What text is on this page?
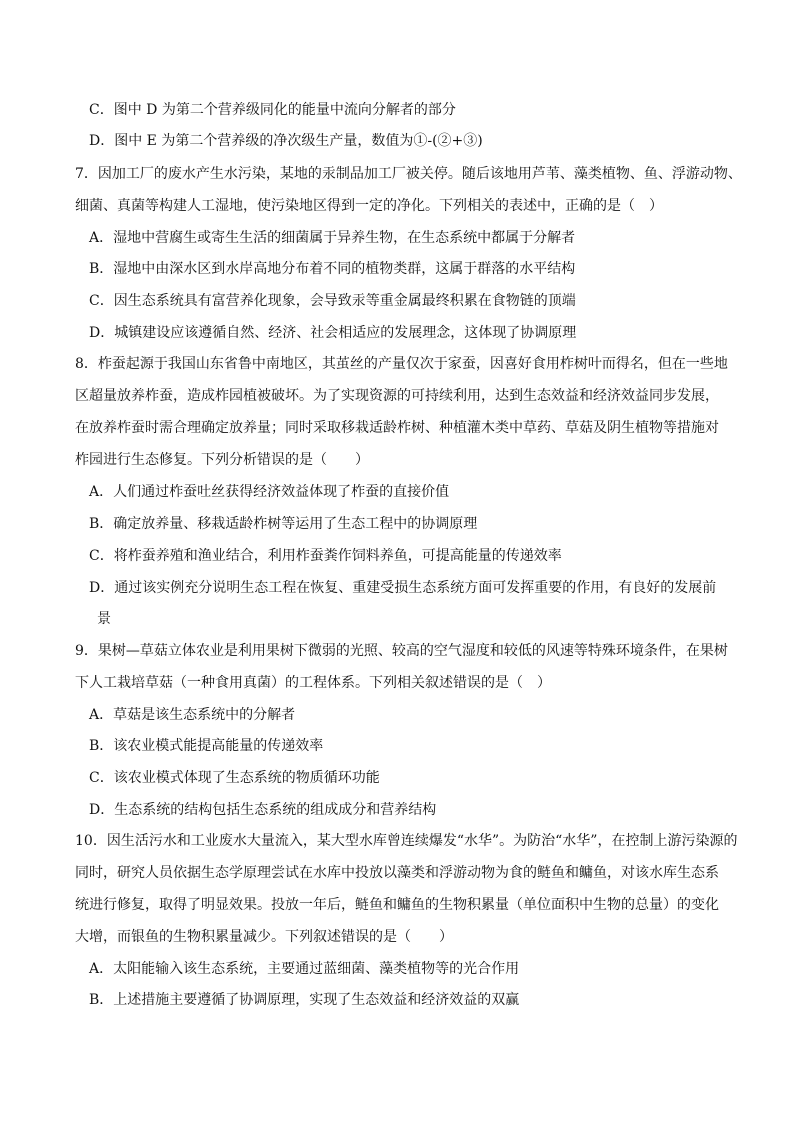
C．图中 D 为第二个营养级同化的能量中流向分解者的部分
D．图中 E 为第二个营养级的净次级生产量，数值为①-(②+③)
7．因加工厂的废水产生水污染，某地的汞制品加工厂被关停。随后该地用芦苇、藻类植物、鱼、浮游动物、
细菌、真菌等构建人工湿地，使污染地区得到一定的净化。下列相关的表述中，正确的是（　）
A．湿地中营腐生或寄生生活的细菌属于异养生物，在生态系统中都属于分解者
B．湿地中由深水区到水岸高地分布着不同的植物类群，这属于群落的水平结构
C．因生态系统具有富营养化现象，会导致汞等重金属最终积累在食物链的顶端
D．城镇建设应该遵循自然、经济、社会相适应的发展理念，这体现了协调原理
8．柞蚕起源于我国山东省鲁中南地区，其茧丝的产量仅次于家蚕，因喜好食用柞树叶而得名，但在一些地
区超量放养柞蚕，造成柞园植被破坏。为了实现资源的可持续利用，达到生态效益和经济效益同步发展，
在放养柞蚕时需合理确定放养量；同时采取移栽适龄柞树、种植灌木类中草药、草菇及阴生植物等措施对
柞园进行生态修复。下列分析错误的是（　　）
A．人们通过柞蚕吐丝获得经济效益体现了柞蚕的直接价值
B．确定放养量、移栽适龄柞树等运用了生态工程中的协调原理
C．将柞蚕养殖和渔业结合，利用柞蚕粪作饲料养鱼，可提高能量的传递效率
D．通过该实例充分说明生态工程在恢复、重建受损生态系统方面可发挥重要的作用，有良好的发展前
景
9．果树—草菇立体农业是利用果树下微弱的光照、较高的空气湿度和较低的风速等特殊环境条件，在果树
下人工栽培草菇（一种食用真菌）的工程体系。下列相关叙述错误的是（　）
A．草菇是该生态系统中的分解者
B．该农业模式能提高能量的传递效率
C．该农业模式体现了生态系统的物质循环功能
D．生态系统的结构包括生态系统的组成成分和营养结构
10．因生活污水和工业废水大量流入，某大型水库曾连续爆发“水华”。为防治“水华”，在控制上游污染源的
同时，研究人员依据生态学原理尝试在水库中投放以藻类和浮游动物为食的鲢鱼和鳙鱼，对该水库生态系
统进行修复，取得了明显效果。投放一年后，鲢鱼和鳙鱼的生物积累量（单位面积中生物的总量）的变化
大增，而银鱼的生物积累量减少。下列叙述错误的是（　　）
A．太阳能输入该生态系统，主要通过蓝细菌、藻类植物等的光合作用
B．上述措施主要遵循了协调原理，实现了生态效益和经济效益的双赢
